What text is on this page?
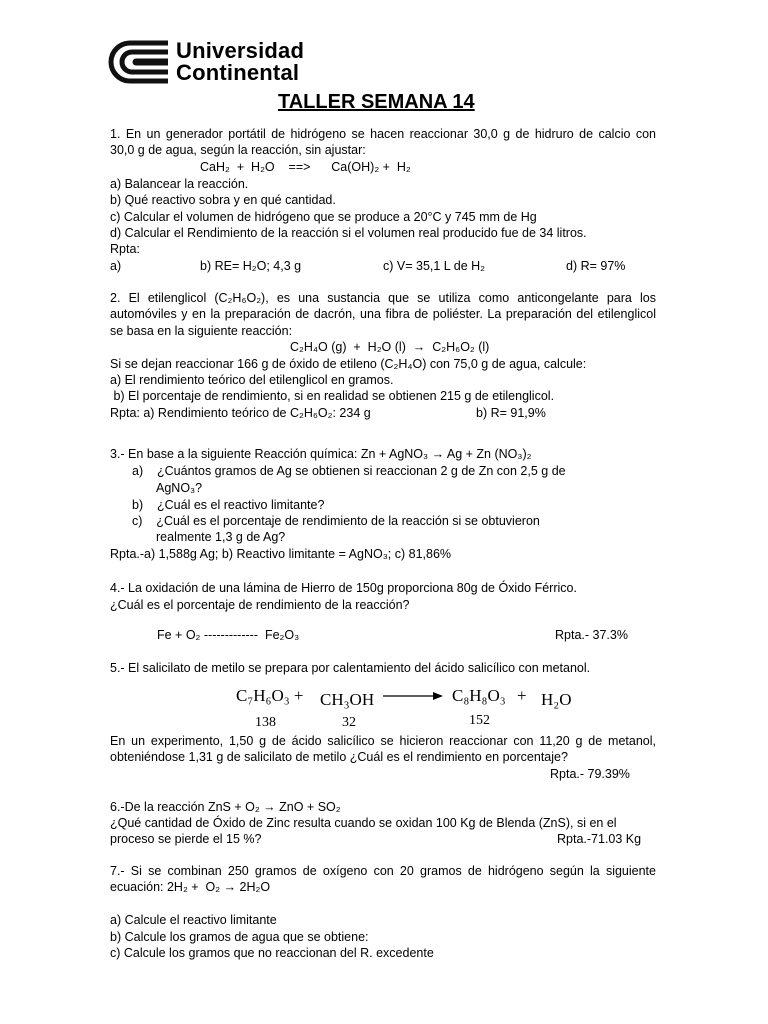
Universidad
Continental
TALLER SEMANA 14
1. En un generador portátil de hidrógeno se hacen reaccionar 30,0 g de hidruro de calcio con
30,0 g de agua, según la reacción, sin ajustar:
CaH₂  +  H₂O    ==>      Ca(OH)₂ +  H₂
a) Balancear la reacción.
b) Qué reactivo sobra y en qué cantidad.
c) Calcular el volumen de hidrógeno que se produce a 20°C y 745 mm de Hg
d) Calcular el Rendimiento de la reacción si el volumen real producido fue de 34 litros.
Rpta:
a)	b) RE= H₂O; 4,3 g	c) V= 35,1 L de H₂	d) R= 97%
2. El etilenglicol (C₂H₆O₂), es una sustancia que se utiliza como anticongelante para los
automóviles y en la preparación de dacrón, una fibra de poliéster. La preparación del etilenglicol
se basa en la siguiente reacción:
C₂H₄O (g)  +  H₂O (l)  →  C₂H₆O₂ (l)
Si se dejan reaccionar 166 g de óxido de etileno (C₂H₄O) con 75,0 g de agua, calcule:
a) El rendimiento teórico del etilenglicol en gramos.
b) El porcentaje de rendimiento, si en realidad se obtienen 215 g de etilenglicol.
Rpta: a) Rendimiento teórico de C₂H₆O₂: 234 g	b) R= 91,9%
3.- En base a la siguiente Reacción química: Zn + AgNO₃ → Ag + Zn (NO₃)₂
a)    ¿Cuántos gramos de Ag se obtienen si reaccionan 2 g de Zn con 2,5 g de
AgNO₃?
b)    ¿Cuál es el reactivo limitante?
c)    ¿Cuál es el porcentaje de rendimiento de la reacción si se obtuvieron
realmente 1,3 g de Ag?
Rpta.-a) 1,588g Ag; b) Reactivo limitante = AgNO₃; c) 81,86%
4.- La oxidación de una lámina de Hierro de 150g proporciona 80g de Óxido Férrico.
¿Cuál es el porcentaje de rendimiento de la reacción?
Fe + O₂ -------------  Fe₂O₃	Rpta.- 37.3%
5.- El salicilato de metilo se prepara por calentamiento del ácido salicílico con metanol.
C₇H₆O₃ + CH₃OH	C₈H₈O₃ + H₂O
138	32	152
En un experimento, 1,50 g de ácido salicílico se hicieron reaccionar con 11,20 g de metanol,
obteniéndose 1,31 g de salicilato de metilo ¿Cuál es el rendimiento en porcentaje?
Rpta.- 79.39%
6.-De la reacción ZnS + O₂ → ZnO + SO₂
¿Qué cantidad de Óxido de Zinc resulta cuando se oxidan 100 Kg de Blenda (ZnS), si en el
proceso se pierde el 15 %?	Rpta.-71.03 Kg
7.- Si se combinan 250 gramos de oxígeno con 20 gramos de hidrógeno según la siguiente
ecuación: 2H₂ +  O₂ → 2H₂O
a) Calcule el reactivo limitante
b) Calcule los gramos de agua que se obtiene:
c) Calcule los gramos que no reaccionan del R. excedente
